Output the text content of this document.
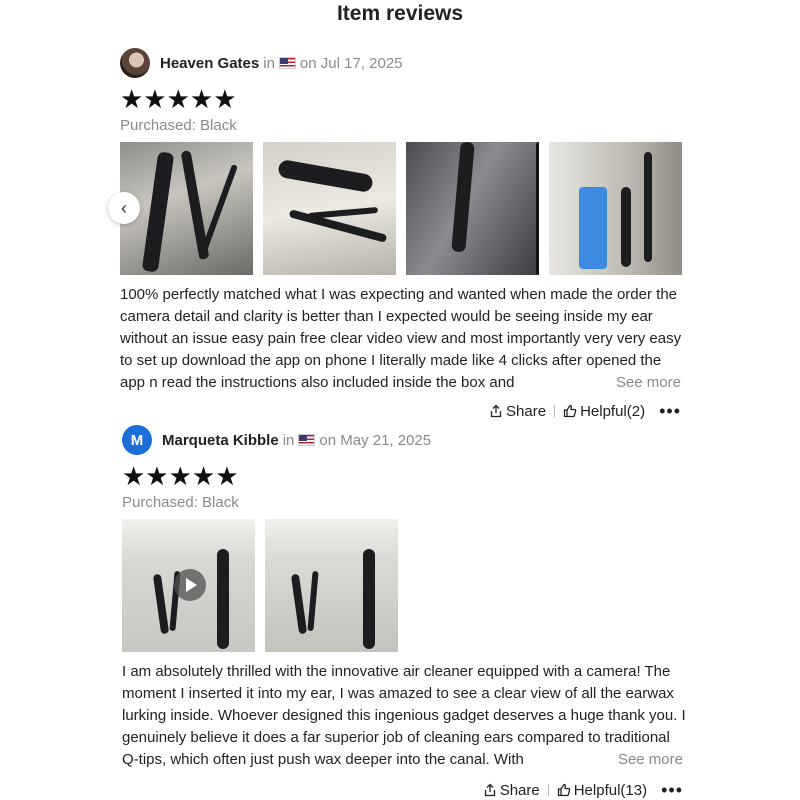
Item reviews
Heaven Gates in on Jul 17, 2025
★★★★★
Purchased: Black
‹
100% perfectly matched what I was expecting and wanted when made the order the camera detail and clarity is better than I expected would be seeing inside my ear without an issue easy pain free clear video view and most importantly very very easy to set up download the app on phone I literally made like 4 clicks after opened the app n read the instructions also included inside the box and	See more
Share Helpful(2) •••
M	Marqueta Kibble in on May 21, 2025
★★★★★
Purchased: Black
I am absolutely thrilled with the innovative air cleaner equipped with a camera! The moment I inserted it into my ear, I was amazed to see a clear view of all the earwax lurking inside. Whoever designed this ingenious gadget deserves a huge thank you. I genuinely believe it does a far superior job of cleaning ears compared to traditional Q-tips, which often just push wax deeper into the canal. With	See more
Share Helpful(13) •••
